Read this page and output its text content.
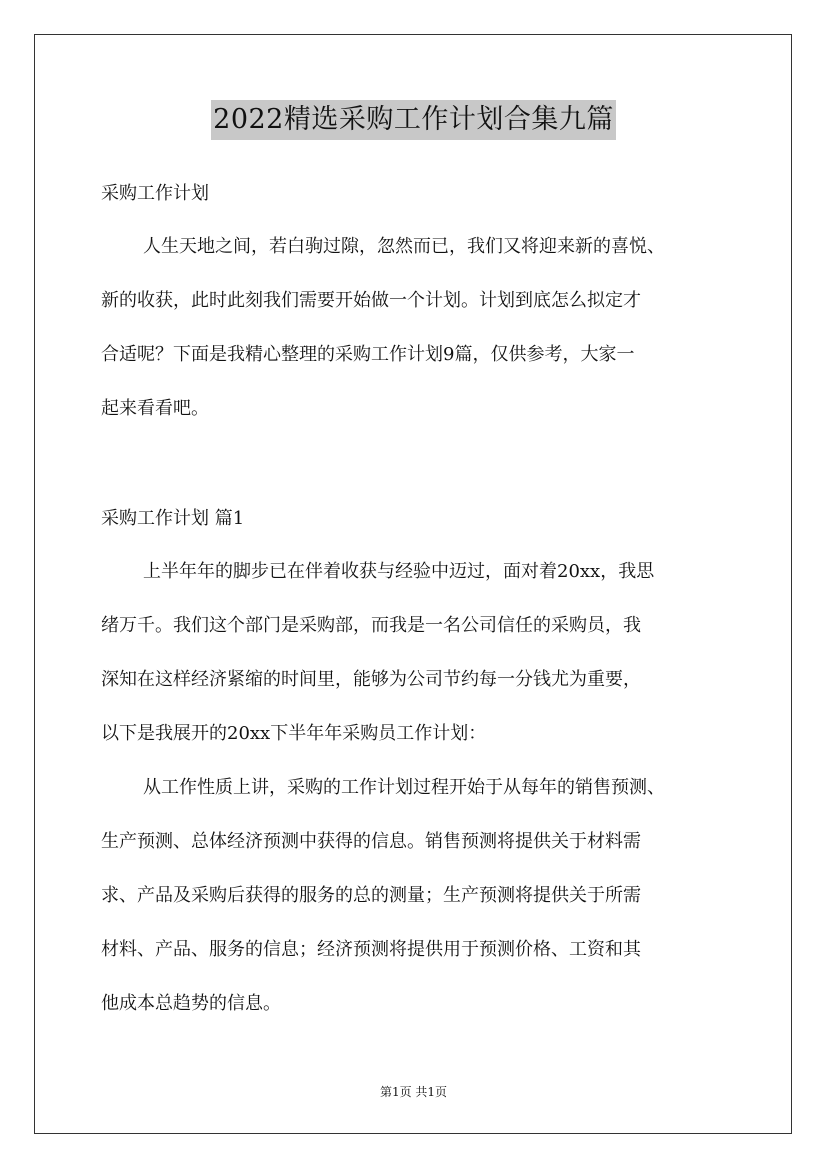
2022精选采购工作计划合集九篇
采购工作计划
人生天地之间，若白驹过隙，忽然而已，我们又将迎来新的喜悦、
新的收获，此时此刻我们需要开始做一个计划。计划到底怎么拟定才
合适呢？下面是我精心整理的采购工作计划9篇，仅供参考，大家一
起来看看吧。
采购工作计划 篇1
上半年年的脚步已在伴着收获与经验中迈过，面对着20xx，我思
绪万千。我们这个部门是采购部，而我是一名公司信任的采购员，我
深知在这样经济紧缩的时间里，能够为公司节约每一分钱尤为重要，
以下是我展开的20xx下半年年采购员工作计划：
从工作性质上讲，采购的工作计划过程开始于从每年的销售预测、
生产预测、总体经济预测中获得的信息。销售预测将提供关于材料需
求、产品及采购后获得的服务的总的测量；生产预测将提供关于所需
材料、产品、服务的信息；经济预测将提供用于预测价格、工资和其
他成本总趋势的信息。
第1页 共1页
